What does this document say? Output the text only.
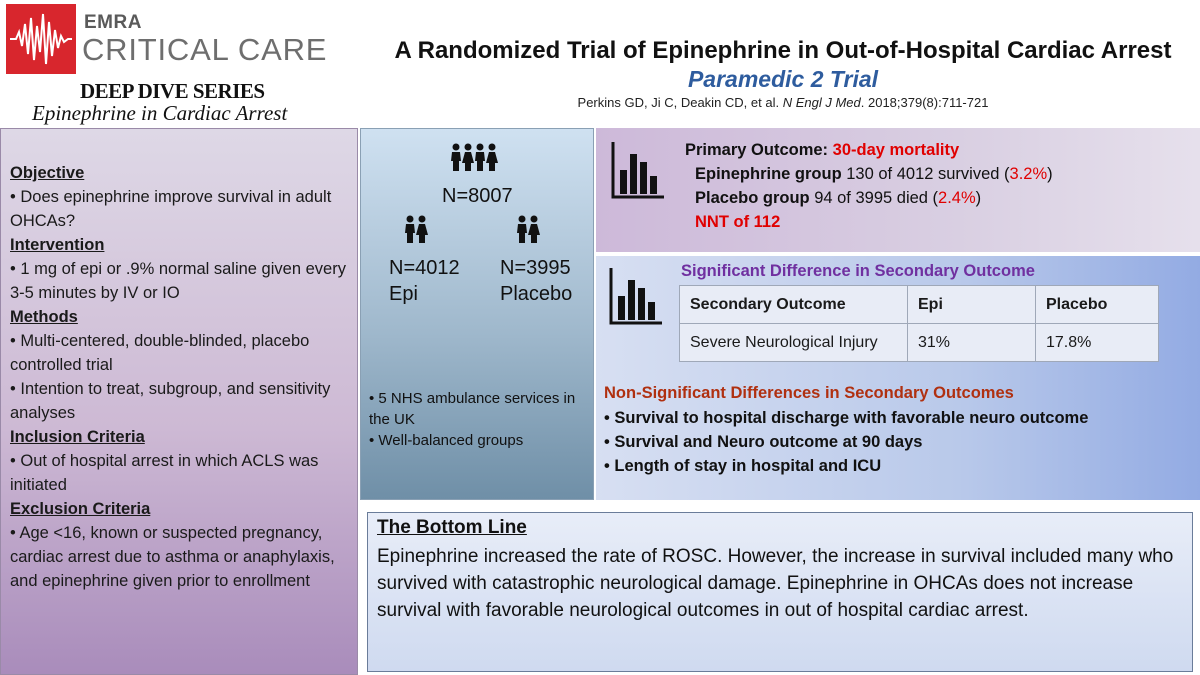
EMRA
CRITICAL CARE
DEEP DIVE SERIES
Epinephrine in Cardiac Arrest
A Randomized Trial of Epinephrine in Out-of-Hospital Cardiac Arrest
Paramedic 2 Trial
Perkins GD, Ji C, Deakin CD, et al. N Engl J Med. 2018;379(8):711-721
Objective
• Does epinephrine improve survival in adult OHCAs?
Intervention
• 1 mg of epi or .9% normal saline given every 3-5 minutes by IV or IO
Methods
• Multi-centered, double-blinded, placebo controlled trial
• Intention to treat, subgroup, and sensitivity analyses
Inclusion Criteria
• Out of hospital arrest in which ACLS was initiated
Exclusion Criteria
• Age <16, known or suspected pregnancy, cardiac arrest due to asthma or anaphylaxis, and epinephrine given prior to enrollment
N=8007
N=4012
Epi
N=3995
Placebo
• 5 NHS ambulance services in the UK
• Well-balanced groups
Primary Outcome: 30-day mortality
Epinephrine group 130 of 4012 survived (3.2%)
Placebo group 94 of 3995 died (2.4%)
NNT of 112
Significant Difference in Secondary Outcome
Secondary Outcome	Epi	Placebo
Severe Neurological Injury	31%	17.8%
Non-Significant Differences in Secondary Outcomes
• Survival to hospital discharge with favorable neuro outcome
• Survival and Neuro outcome at 90 days
• Length of stay in hospital and ICU
The Bottom Line
Epinephrine increased the rate of ROSC. However, the increase in survival included many who survived with catastrophic neurological damage. Epinephrine in OHCAs does not increase survival with favorable neurological outcomes in out of hospital cardiac arrest.
